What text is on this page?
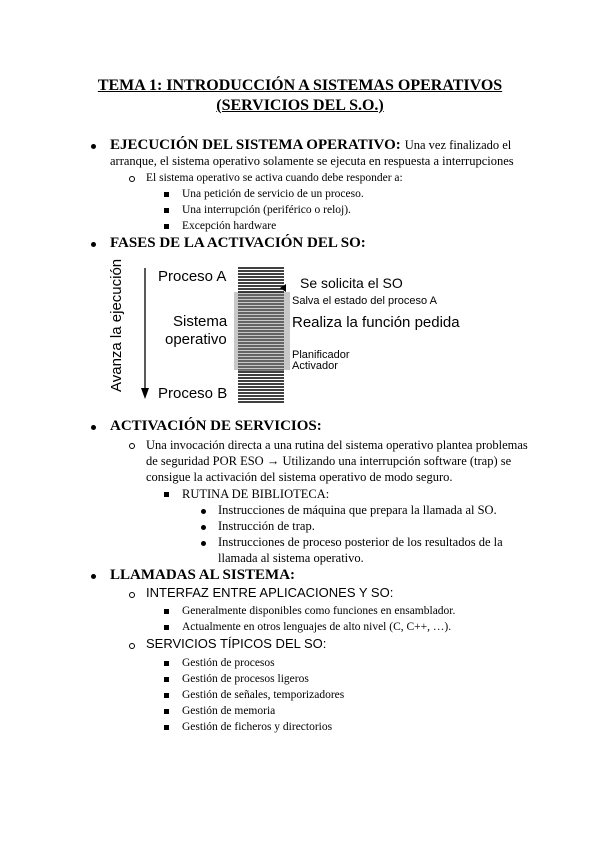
TEMA 1: INTRODUCCIÓN A SISTEMAS OPERATIVOS
(SERVICIOS DEL S.O.)
EJECUCIÓN DEL SISTEMA OPERATIVO: Una vez finalizado el
arranque, el sistema operativo solamente se ejecuta en respuesta a interrupciones
El sistema operativo se activa cuando debe responder a:
Una petición de servicio de un proceso.
Una interrupción (periférico o reloj).
Excepción hardware
FASES DE LA ACTIVACIÓN DEL SO:
Avanza la ejecución Proceso A
Sistema
operativo
Proceso B
Se solicita el SO
Salva el estado del proceso A
Realiza la función pedida
Planificador
Activador
ACTIVACIÓN DE SERVICIOS:
Una invocación directa a una rutina del sistema operativo plantea problemas
de seguridad POR ESO → Utilizando una interrupción software (trap) se
consigue la activación del sistema operativo de modo seguro.
RUTINA DE BIBLIOTECA:
Instrucciones de máquina que prepara la llamada al SO.
Instrucción de trap.
Instrucciones de proceso posterior de los resultados de la
llamada al sistema operativo.
LLAMADAS AL SISTEMA:
INTERFAZ ENTRE APLICACIONES Y SO:
Generalmente disponibles como funciones en ensamblador.
Actualmente en otros lenguajes de alto nivel (C, C++, …).
SERVICIOS TÍPICOS DEL SO:
Gestión de procesos
Gestión de procesos ligeros
Gestión de señales, temporizadores
Gestión de memoria
Gestión de ficheros y directorios
